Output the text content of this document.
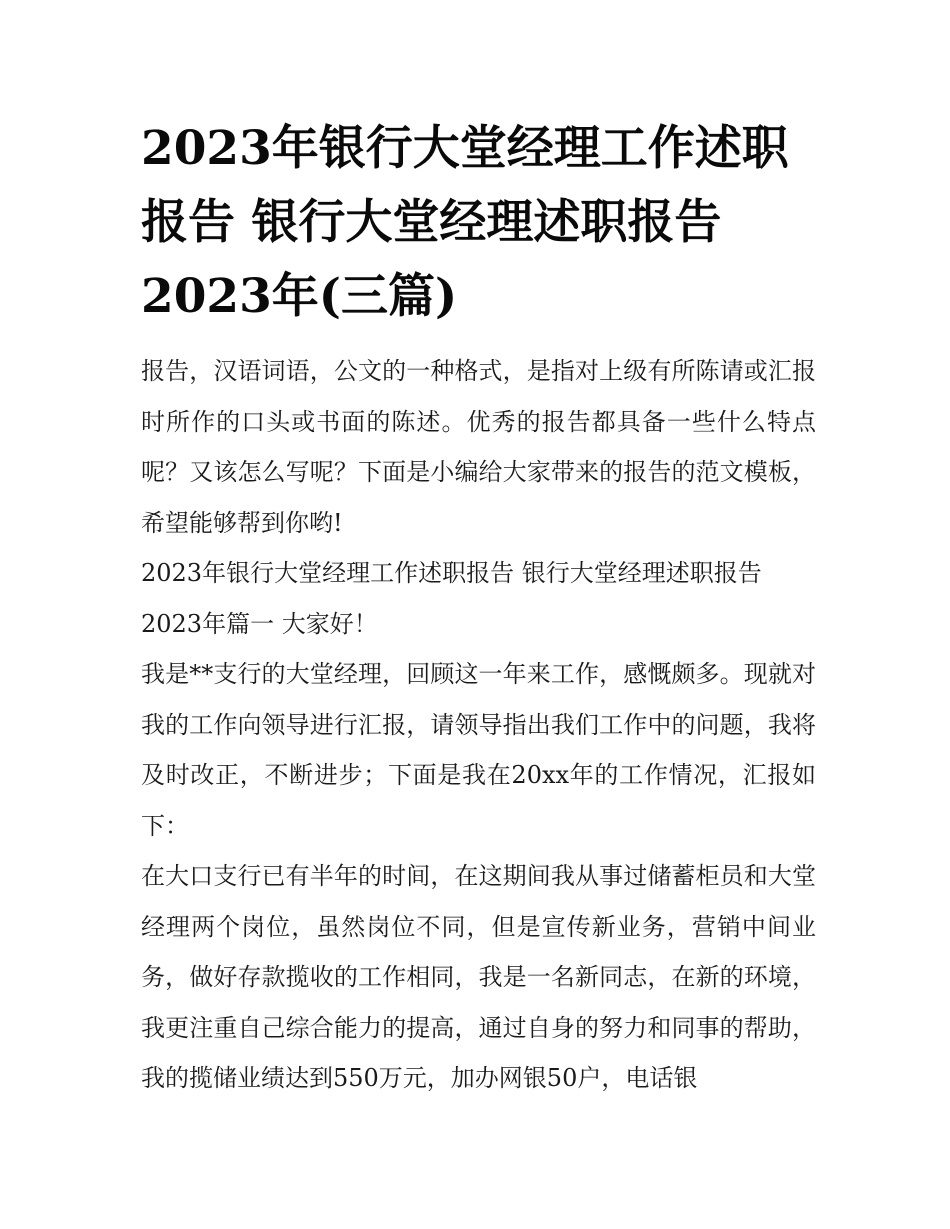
2023年银行大堂经理工作述职报告 银行大堂经理述职报告2023年(三篇)

报告，汉语词语，公文的一种格式，是指对上级有所陈请或汇报时所作的口头或书面的陈述。优秀的报告都具备一些什么特点呢？又该怎么写呢？下面是小编给大家带来的报告的范文模板，希望能够帮到你哟!

2023年银行大堂经理工作述职报告 银行大堂经理述职报告

2023年篇一 大家好！

我是**支行的大堂经理，回顾这一年来工作，感慨颇多。现就对我的工作向领导进行汇报，请领导指出我们工作中的问题，我将及时改正，不断进步；下面是我在20xx年的工作情况，汇报如下：

在大口支行已有半年的时间，在这期间我从事过储蓄柜员和大堂经理两个岗位，虽然岗位不同，但是宣传新业务，营销中间业务，做好存款揽收的工作相同，我是一名新同志，在新的环境，我更注重自己综合能力的提高，通过自身的努力和同事的帮助，我的揽储业绩达到550万元，加办网银50户，电话银
